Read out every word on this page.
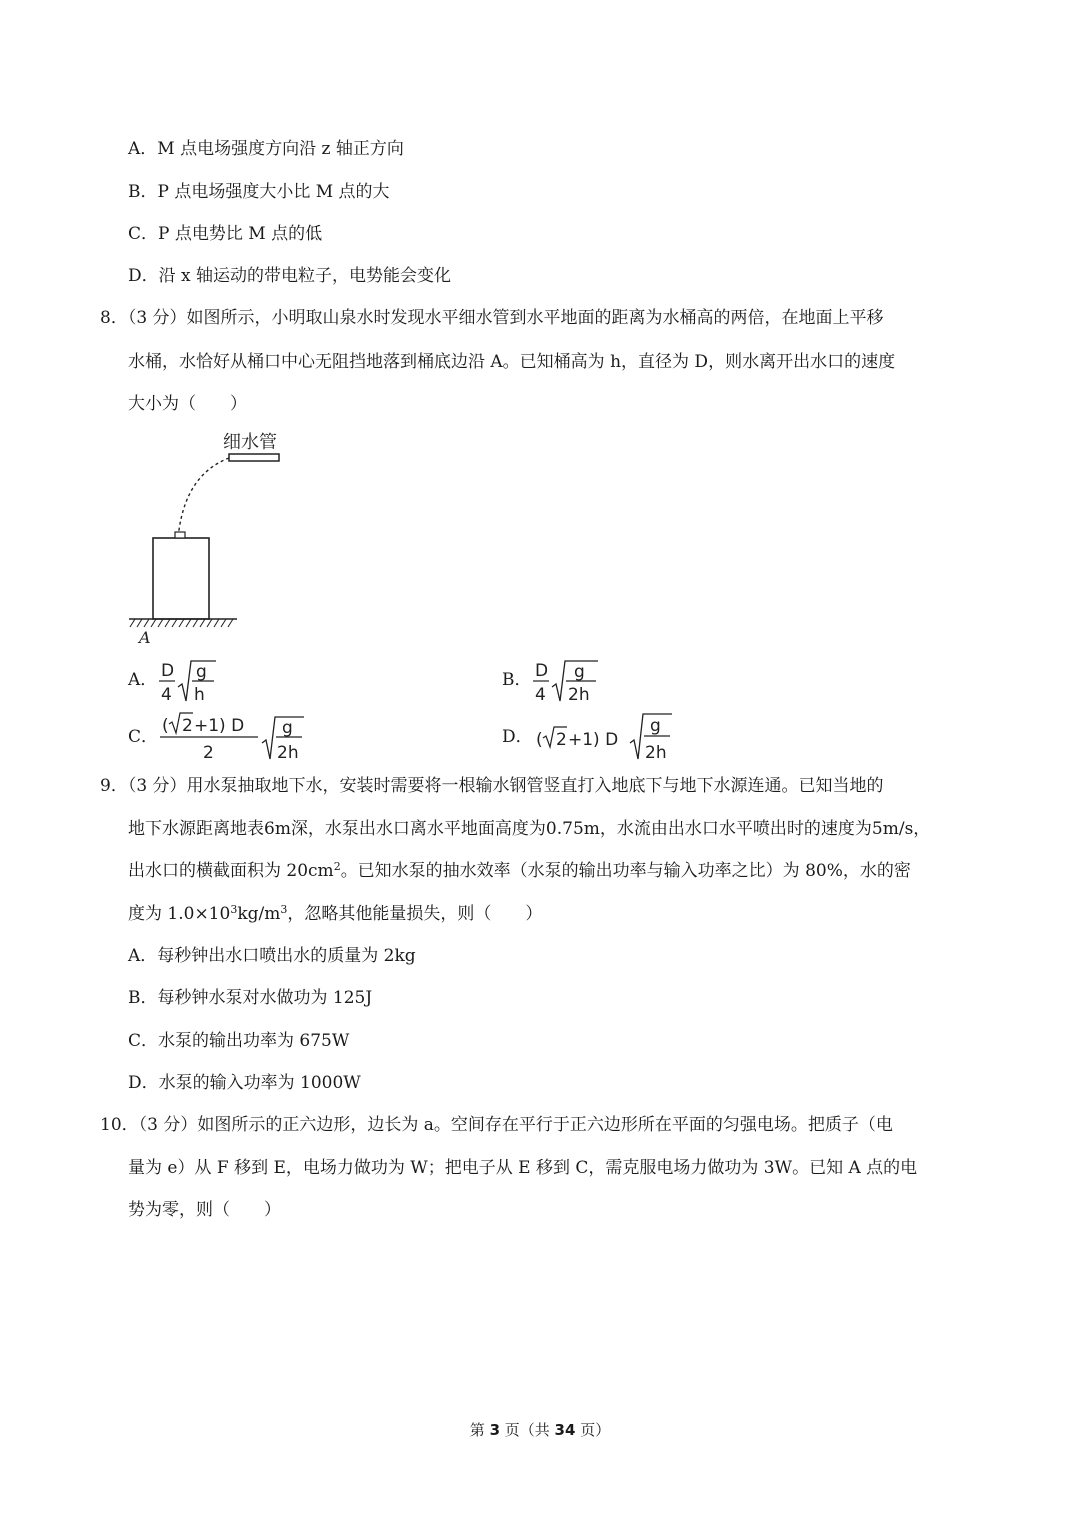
A．M 点电场强度方向沿 z 轴正方向
B．P 点电场强度大小比 M 点的大
C．P 点电势比 M 点的低
D．沿 x 轴运动的带电粒子，电势能会变化
8．（3 分）如图所示，小明取山泉水时发现水平细水管到水平地面的距离为水桶高的两倍，在地面上平移
水桶，水恰好从桶口中心无阻挡地落到桶底边沿 A。已知桶高为 h，直径为 D，则水离开出水口的速度
大小为（　　）
细水管
A
A． D
4
g
h
B． D
4
g
2h
C．
( 2 +1) D
2
g
2h
D． ( 2 +1) D
g
2h
9．（3 分）用水泵抽取地下水，安装时需要将一根输水钢管竖直打入地底下与地下水源连通。已知当地的
地下水源距离地表6m深，水泵出水口离水平地面高度为0.75m，水流由出水口水平喷出时的速度为5m/s，
出水口的横截面积为 $20cm^2$。已知水泵的抽水效率（水泵的输出功率与输入功率之比）为 80%，水的密
度为 $1.0\times 10^3kg/m^3$，忽略其他能量损失，则（　　）
A．每秒钟出水口喷出水的质量为 2kg
B．每秒钟水泵对水做功为 125J
C．水泵的输出功率为 675W
D．水泵的输入功率为 1000W
10．（3 分）如图所示的正六边形，边长为 a。空间存在平行于正六边形所在平面的匀强电场。把质子（电
量为 e）从 F 移到 E，电场力做功为 W；把电子从 E 移到 C，需克服电场力做功为 3W。已知 A 点的电
势为零，则（　　）
第 3 页（共 34 页）
